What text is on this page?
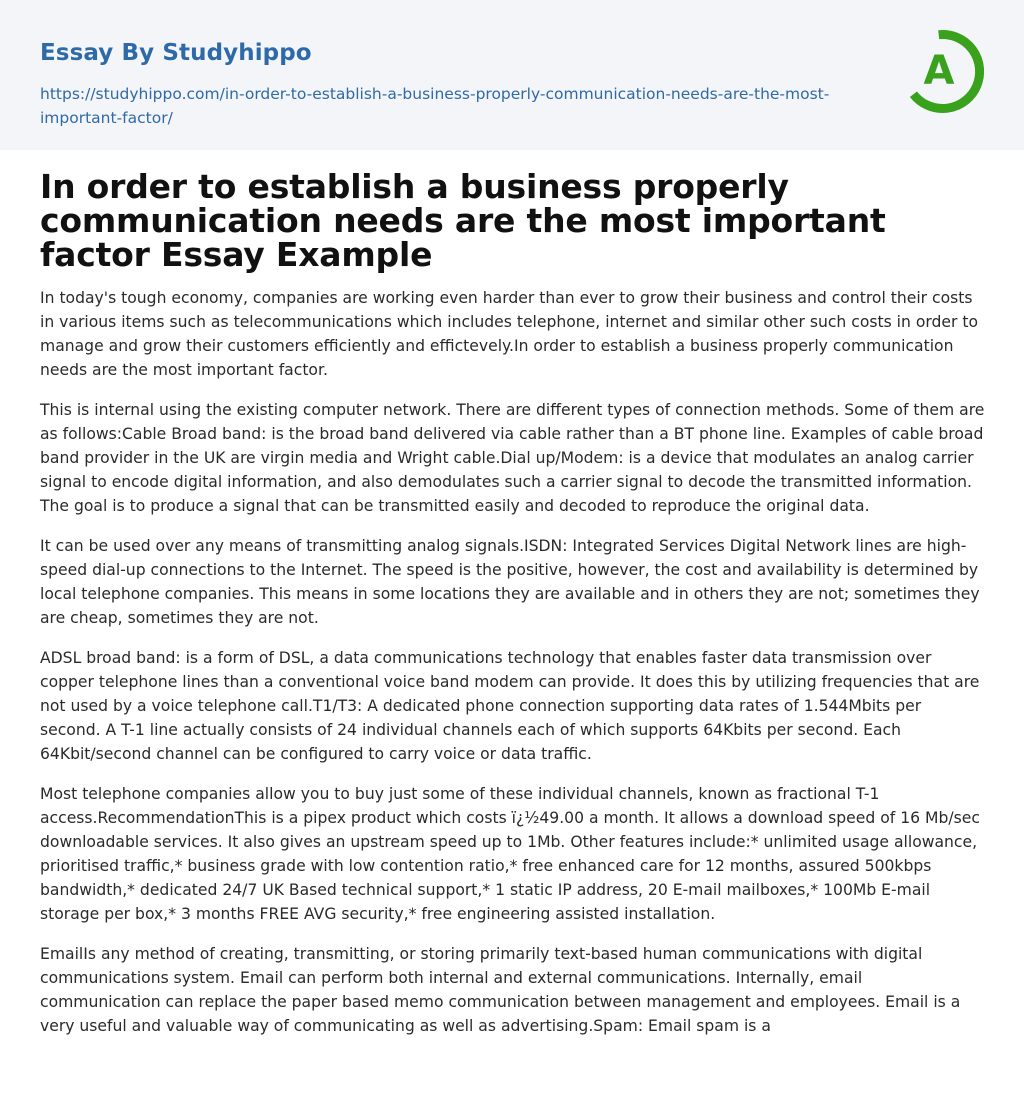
Essay By Studyhippo
https://studyhippo.com/in-order-to-establish-a-business-properly-communication-needs-are-the-most-important-factor/
A
In order to establish a business properly communication needs are the most important factor Essay Example

In today's tough economy, companies are working even harder than ever to grow their business and control their costs in various items such as telecommunications which includes telephone, internet and similar other such costs in order to manage and grow their customers efficiently and effictevely.In order to establish a business properly communication needs are the most important factor.

This is internal using the existing computer network. There are different types of connection methods. Some of them are as follows:Cable Broad band: is the broad band delivered via cable rather than a BT phone line. Examples of cable broad band provider in the UK are virgin media and Wright cable.Dial up/Modem: is a device that modulates an analog carrier signal to encode digital information, and also demodulates such a carrier signal to decode the transmitted information. The goal is to produce a signal that can be transmitted easily and decoded to reproduce the original data.

It can be used over any means of transmitting analog signals.ISDN: Integrated Services Digital Network lines are high-speed dial-up connections to the Internet. The speed is the positive, however, the cost and availability is determined by local telephone companies. This means in some locations they are available and in others they are not; sometimes they are cheap, sometimes they are not.

ADSL broad band: is a form of DSL, a data communications technology that enables faster data transmission over copper telephone lines than a conventional voice band modem can provide. It does this by utilizing frequencies that are not used by a voice telephone call.T1/T3: A dedicated phone connection supporting data rates of 1.544Mbits per second. A T-1 line actually consists of 24 individual channels each of which supports 64Kbits per second. Each 64Kbit/second channel can be configured to carry voice or data traffic.

Most telephone companies allow you to buy just some of these individual channels, known as fractional T-1 access.RecommendationThis is a pipex product which costs ï¿½49.00 a month. It allows a download speed of 16 Mb/sec downloadable services. It also gives an upstream speed up to 1Mb. Other features include:* unlimited usage allowance, prioritised traffic,* business grade with low contention ratio,* free enhanced care for 12 months, assured 500kbps bandwidth,* dedicated 24/7 UK Based technical support,* 1 static IP address, 20 E-mail mailboxes,* 100Mb E-mail storage per box,* 3 months FREE AVG security,* free engineering assisted installation.

EmailIs any method of creating, transmitting, or storing primarily text-based human communications with digital communications system. Email can perform both internal and external communications. Internally, email communication can replace the paper based memo communication between management and employees. Email is a very useful and valuable way of communicating as well as advertising.Spam: Email spam is a
